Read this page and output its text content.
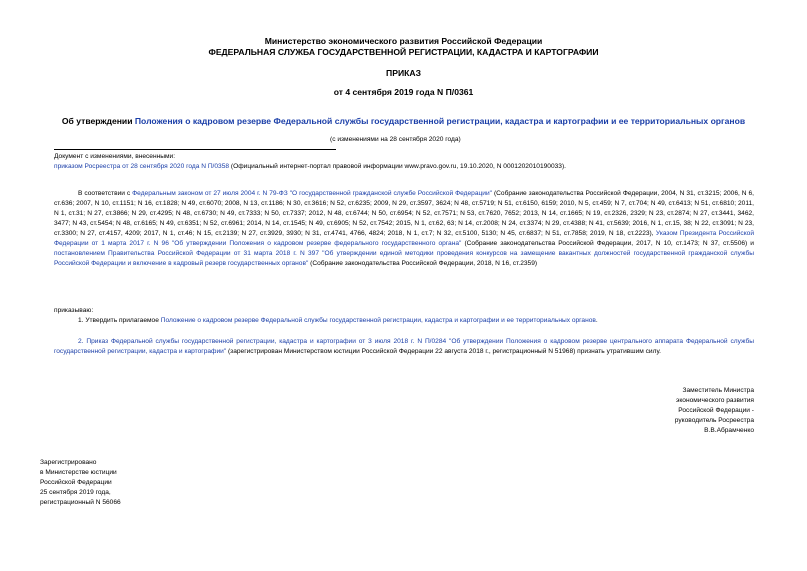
Министерство экономического развития Российской Федерации
ФЕДЕРАЛЬНАЯ СЛУЖБА ГОСУДАРСТВЕННОЙ РЕГИСТРАЦИИ, КАДАСТРА И КАРТОГРАФИИ
ПРИКАЗ
от 4 сентября 2019 года N П/0361
Об утверждении Положения о кадровом резерве Федеральной службы государственной регистрации, кадастра и картографии и ее территориальных органов
(с изменениями на 28 сентября 2020 года)
Документ с изменениями, внесенными:
приказом Росреестра от 28 сентября 2020 года N П/0358 (Официальный интернет-портал правовой информации www.pravo.gov.ru, 19.10.2020, N 0001202010190033).
В соответствии с Федеральным законом от 27 июля 2004 г. N 79-ФЗ "О государственной гражданской службе Российской Федерации" (Собрание законодательства Российской Федерации, 2004, N 31, ст.3215; 2006, N 6, ст.636; 2007, N 10, ст.1151; N 16, ст.1828; N 49, ст.6070; 2008, N 13, ст.1186; N 30, ст.3616; N 52, ст.6235; 2009, N 29, ст.3597, 3624; N 48, ст.5719; N 51, ст.6150, 6159; 2010, N 5, ст.459; N 7, ст.704; N 49, ст.6413; N 51, ст.6810; 2011, N 1, ст.31; N 27, ст.3866; N 29, ст.4295; N 48, ст.6730; N 49, ст.7333; N 50, ст.7337; 2012, N 48, ст.6744; N 50, ст.6954; N 52, ст.7571; N 53, ст.7620, 7652; 2013, N 14, ст.1665; N 19, ст.2326, 2329; N 23, ст.2874; N 27, ст.3441, 3462, 3477; N 43, ст.5454; N 48, ст.6165; N 49, ст.6351; N 52, ст.6961; 2014, N 14, ст.1545; N 49, ст.6905; N 52, ст.7542; 2015, N 1, ст.62, 63; N 14, ст.2008; N 24, ст.3374; N 29, ст.4388; N 41, ст.5639; 2016, N 1, ст.15, 38; N 22, ст.3091; N 23, ст.3300; N 27, ст.4157, 4209; 2017, N 1, ст.46; N 15, ст.2139; N 27, ст.3929, 3930; N 31, ст.4741, 4766, 4824; 2018, N 1, ст.7; N 32, ст.5100, 5130; N 45, ст.6837; N 51, ст.7858; 2019, N 18, ст.2223), Указом Президента Российской Федерации от 1 марта 2017 г. N 96 "Об утверждении Положения о кадровом резерве федерального государственного органа" (Собрание законодательства Российской Федерации, 2017, N 10, ст.1473; N 37, ст.5506) и постановлением Правительства Российской Федерации от 31 марта 2018 г. N 397 "Об утверждении единой методики проведения конкурсов на замещение вакантных должностей государственной гражданской службы Российской Федерации и включение в кадровый резерв государственных органов" (Собрание законодательства Российской Федерации, 2018, N 16, ст.2359)
приказываю:
1. Утвердить прилагаемое Положение о кадровом резерве Федеральной службы государственной регистрации, кадастра и картографии и ее территориальных органов.
2. Приказ Федеральной службы государственной регистрации, кадастра и картографии от 3 июля 2018 г. N П/0284 "Об утверждении Положения о кадровом резерве центрального аппарата Федеральной службы государственной регистрации, кадастра и картографии" (зарегистрирован Министерством юстиции Российской Федерации 22 августа 2018 г., регистрационный N 51968) признать утратившим силу.
Заместитель Министра
экономического развития
Российской Федерации -
руководитель Росреестра
В.В.Абрамченко
Зарегистрировано
в Министерстве юстиции
Российской Федерации
25 сентября 2019 года,
регистрационный N 56066
